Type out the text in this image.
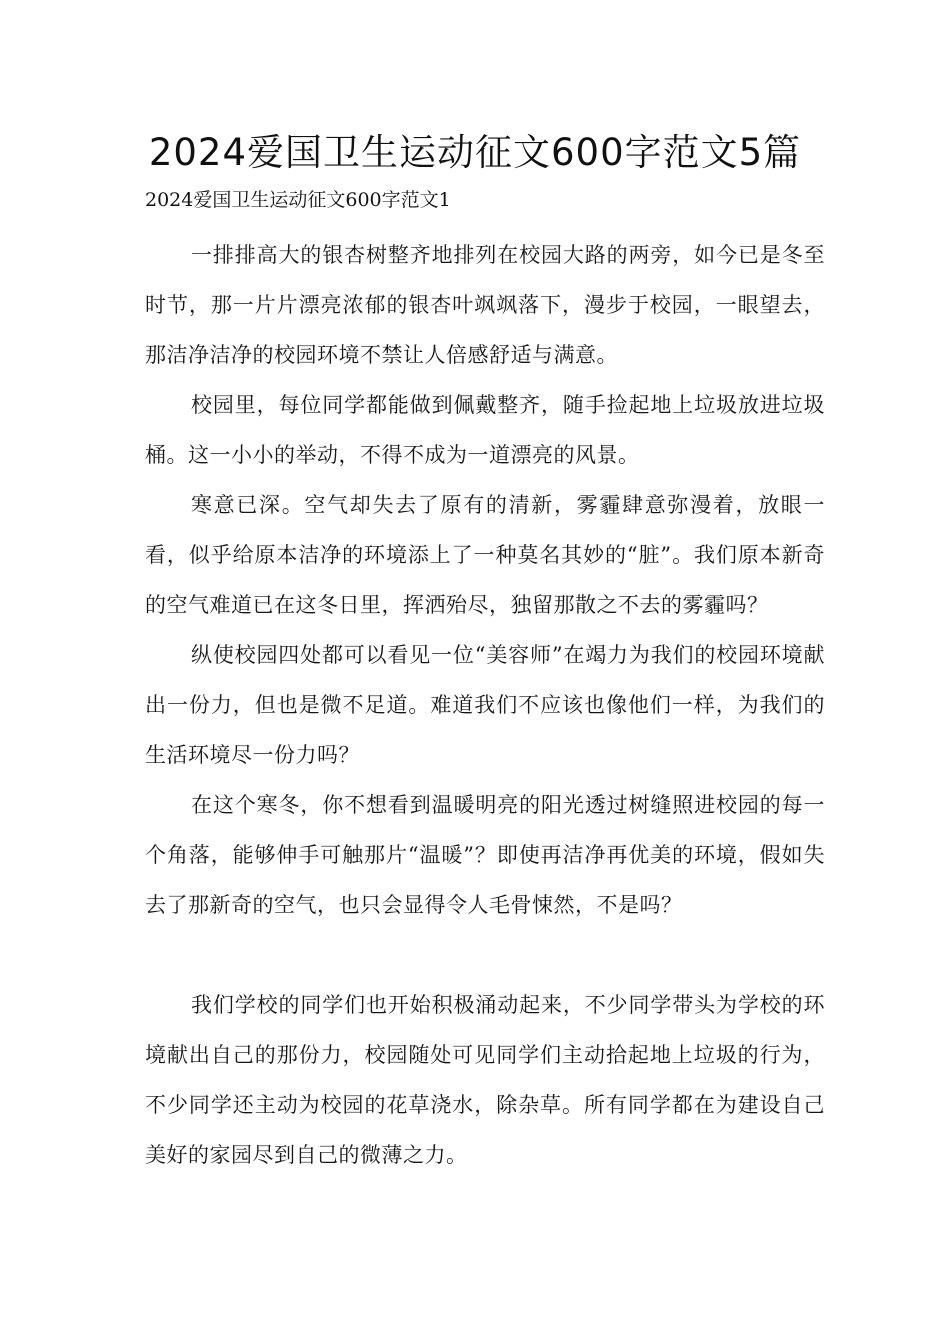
2024爱国卫生运动征文600字范文5篇
2024爱国卫生运动征文600字范文1

一排排高大的银杏树整齐地排列在校园大路的两旁，如今已是冬至时节，那一片片漂亮浓郁的银杏叶飒飒落下，漫步于校园，一眼望去，那洁净洁净的校园环境不禁让人倍感舒适与满意。

校园里，每位同学都能做到佩戴整齐，随手捡起地上垃圾放进垃圾桶。这一小小的举动，不得不成为一道漂亮的风景。

寒意已深。空气却失去了原有的清新，雾霾肆意弥漫着，放眼一看，似乎给原本洁净的环境添上了一种莫名其妙的“脏”。我们原本新奇的空气难道已在这冬日里，挥洒殆尽，独留那散之不去的雾霾吗？

纵使校园四处都可以看见一位“美容师”在竭力为我们的校园环境献出一份力，但也是微不足道。难道我们不应该也像他们一样，为我们的生活环境尽一份力吗？

在这个寒冬，你不想看到温暖明亮的阳光透过树缝照进校园的每一个角落，能够伸手可触那片“温暖”？即使再洁净再优美的环境，假如失去了那新奇的空气，也只会显得令人毛骨悚然，不是吗？

我们学校的同学们也开始积极涌动起来，不少同学带头为学校的环境献出自己的那份力，校园随处可见同学们主动拾起地上垃圾的行为，不少同学还主动为校园的花草浇水，除杂草。所有同学都在为建设自己美好的家园尽到自己的微薄之力。
